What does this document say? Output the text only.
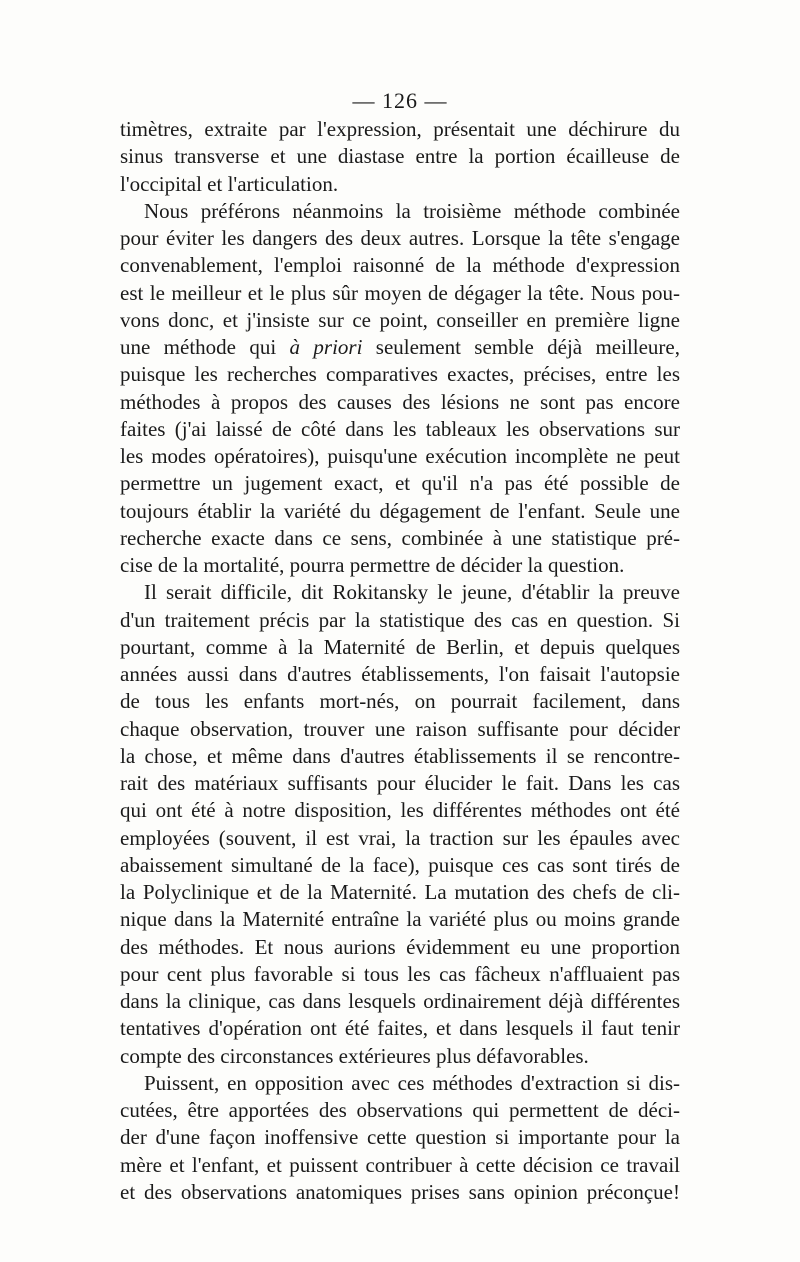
— 126 —
timètres, extraite par l'expression, présentait une déchirure du
sinus transverse et une diastase entre la portion écailleuse de
l'occipital et l'articulation.
Nous préférons néanmoins la troisième méthode combinée
pour éviter les dangers des deux autres. Lorsque la tête s'engage
convenablement, l'emploi raisonné de la méthode d'expression
est le meilleur et le plus sûr moyen de dégager la tête. Nous pou-
vons donc, et j'insiste sur ce point, conseiller en première ligne
une méthode qui à priori seulement semble déjà meilleure,
puisque les recherches comparatives exactes, précises, entre les
méthodes à propos des causes des lésions ne sont pas encore
faites (j'ai laissé de côté dans les tableaux les observations sur
les modes opératoires), puisqu'une exécution incomplète ne peut
permettre un jugement exact, et qu'il n'a pas été possible de
toujours établir la variété du dégagement de l'enfant. Seule une
recherche exacte dans ce sens, combinée à une statistique pré-
cise de la mortalité, pourra permettre de décider la question.
Il serait difficile, dit Rokitansky le jeune, d'établir la preuve
d'un traitement précis par la statistique des cas en question. Si
pourtant, comme à la Maternité de Berlin, et depuis quelques
années aussi dans d'autres établissements, l'on faisait l'autopsie
de tous les enfants mort-nés, on pourrait facilement, dans
chaque observation, trouver une raison suffisante pour décider
la chose, et même dans d'autres établissements il se rencontre-
rait des matériaux suffisants pour élucider le fait. Dans les cas
qui ont été à notre disposition, les différentes méthodes ont été
employées (souvent, il est vrai, la traction sur les épaules avec
abaissement simultané de la face), puisque ces cas sont tirés de
la Polyclinique et de la Maternité. La mutation des chefs de cli-
nique dans la Maternité entraîne la variété plus ou moins grande
des méthodes. Et nous aurions évidemment eu une proportion
pour cent plus favorable si tous les cas fâcheux n'affluaient pas
dans la clinique, cas dans lesquels ordinairement déjà différentes
tentatives d'opération ont été faites, et dans lesquels il faut tenir
compte des circonstances extérieures plus défavorables.
Puissent, en opposition avec ces méthodes d'extraction si dis-
cutées, être apportées des observations qui permettent de déci-
der d'une façon inoffensive cette question si importante pour la
mère et l'enfant, et puissent contribuer à cette décision ce travail
et des observations anatomiques prises sans opinion préconçue!
